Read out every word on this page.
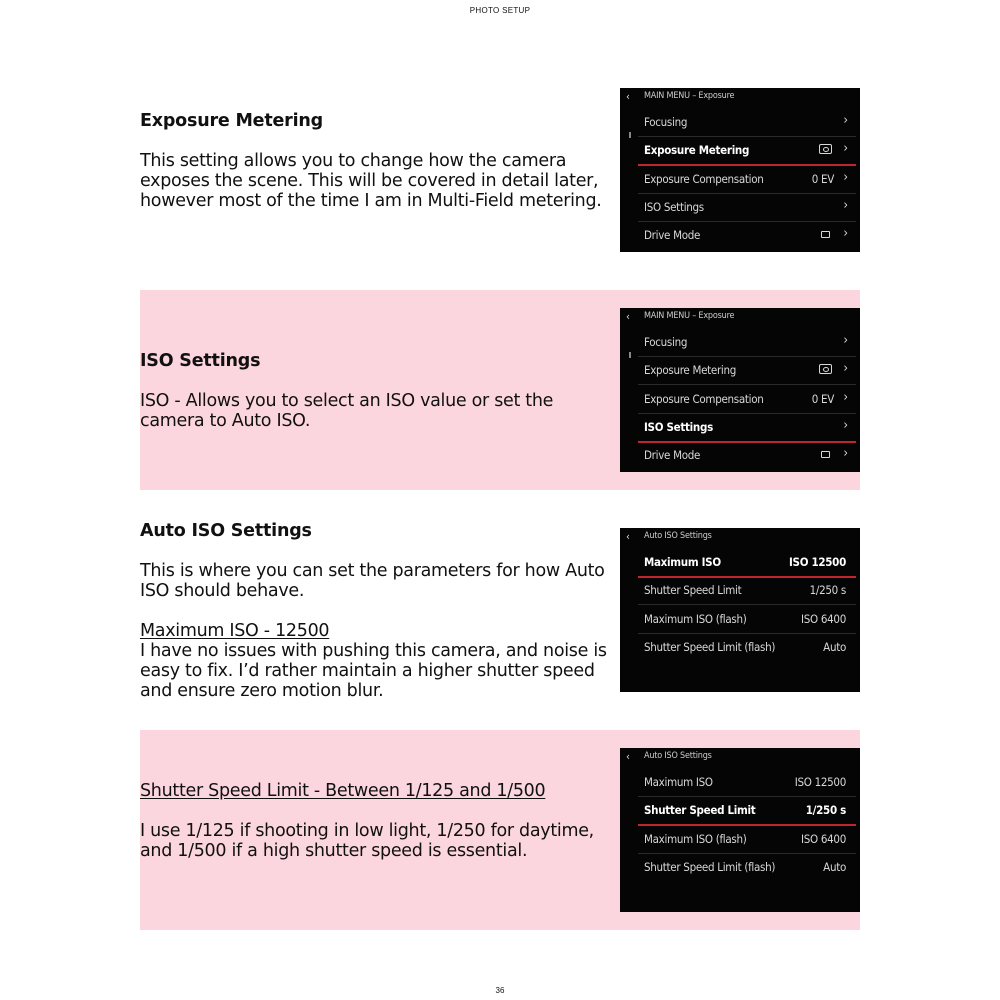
PHOTO SETUP

Exposure Metering

This setting allows you to change how the camera exposes the scene. This will be covered in detail later, however most of the time I am in Multi-Field metering.

‹ MAIN MENU – Exposure
Focusing	›
Exposure Metering	›
Exposure Compensation	0 EV ›
ISO Settings	›
Drive Mode	›

ISO Settings

ISO - Allows you to select an ISO value or set the camera to Auto ISO.

‹ MAIN MENU – Exposure
Focusing	›
Exposure Metering	›
Exposure Compensation	0 EV ›
ISO Settings	›
Drive Mode	›

Auto ISO Settings

This is where you can set the parameters for how Auto ISO should behave.

Maximum ISO - 12500

I have no issues with pushing this camera, and noise is easy to fix. I’d rather maintain a higher shutter speed and ensure zero motion blur.

‹ Auto ISO Settings
Maximum ISO	ISO 12500
Shutter Speed Limit	1/250 s
Maximum ISO (flash)	ISO 6400
Shutter Speed Limit (flash)	Auto

Shutter Speed Limit - Between 1/125 and 1/500

I use 1/125 if shooting in low light, 1/250 for daytime, and 1/500 if a high shutter speed is essential.

‹ Auto ISO Settings
Maximum ISO	ISO 12500
Shutter Speed Limit	1/250 s
Maximum ISO (flash)	ISO 6400
Shutter Speed Limit (flash)	Auto
36
